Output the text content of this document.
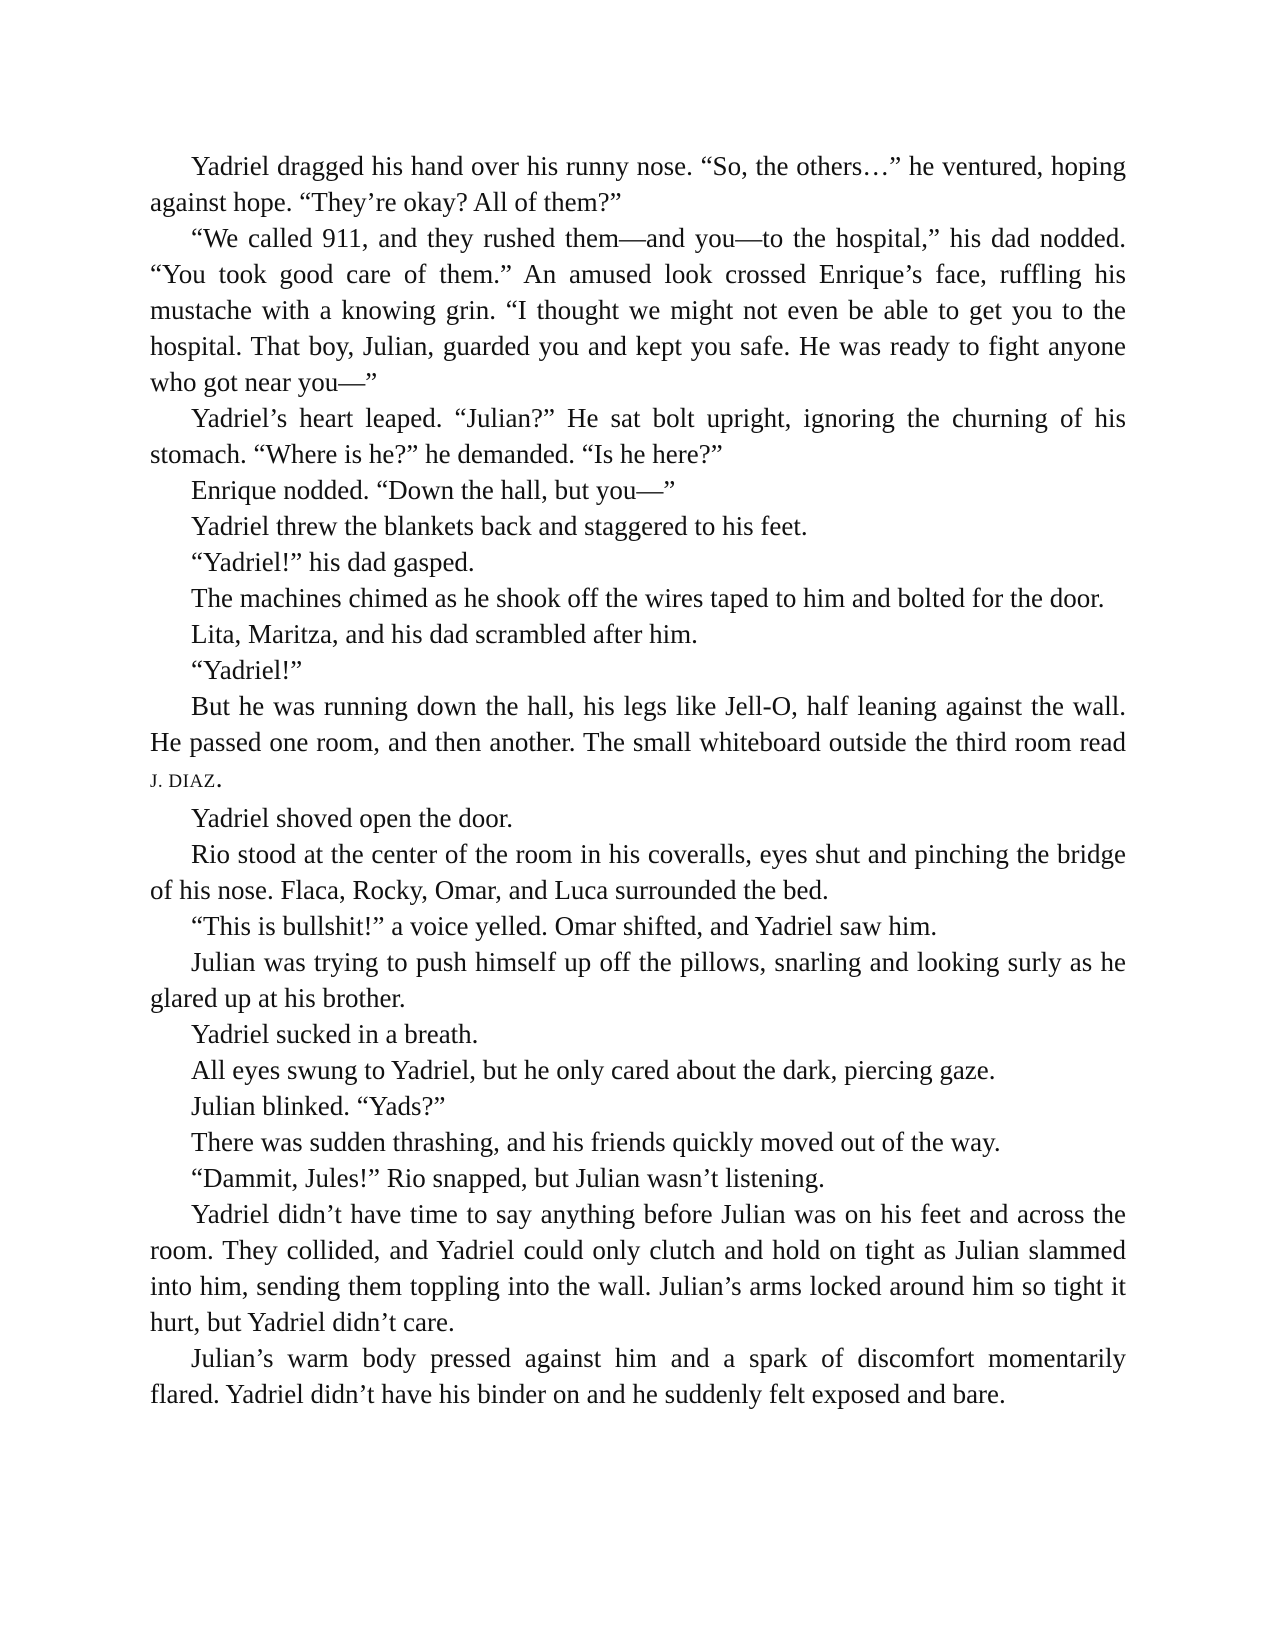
Yadriel dragged his hand over his runny nose. “So, the others…” he ventured, hoping against hope. “They’re okay? All of them?”

“We called 911, and they rushed them—and you—to the hospital,” his dad nodded. “You took good care of them.” An amused look crossed Enrique’s face, ruffling his mustache with a knowing grin. “I thought we might not even be able to get you to the hospital. That boy, Julian, guarded you and kept you safe. He was ready to fight anyone who got near you—”

Yadriel’s heart leaped. “Julian?” He sat bolt upright, ignoring the churning of his stomach. “Where is he?” he demanded. “Is he here?”

Enrique nodded. “Down the hall, but you—”

Yadriel threw the blankets back and staggered to his feet.

“Yadriel!” his dad gasped.

The machines chimed as he shook off the wires taped to him and bolted for the door.

Lita, Maritza, and his dad scrambled after him.

“Yadriel!”

But he was running down the hall, his legs like Jell-O, half leaning against the wall. He passed one room, and then another. The small whiteboard outside the third room read J. DIAZ.

Yadriel shoved open the door.

Rio stood at the center of the room in his coveralls, eyes shut and pinching the bridge of his nose. Flaca, Rocky, Omar, and Luca surrounded the bed.

“This is bullshit!” a voice yelled. Omar shifted, and Yadriel saw him.

Julian was trying to push himself up off the pillows, snarling and looking surly as he glared up at his brother.

Yadriel sucked in a breath.

All eyes swung to Yadriel, but he only cared about the dark, piercing gaze.

Julian blinked. “Yads?”

There was sudden thrashing, and his friends quickly moved out of the way.

“Dammit, Jules!” Rio snapped, but Julian wasn’t listening.

Yadriel didn’t have time to say anything before Julian was on his feet and across the room. They collided, and Yadriel could only clutch and hold on tight as Julian slammed into him, sending them toppling into the wall. Julian’s arms locked around him so tight it hurt, but Yadriel didn’t care.

Julian’s warm body pressed against him and a spark of discomfort momentarily flared. Yadriel didn’t have his binder on and he suddenly felt exposed and bare.
